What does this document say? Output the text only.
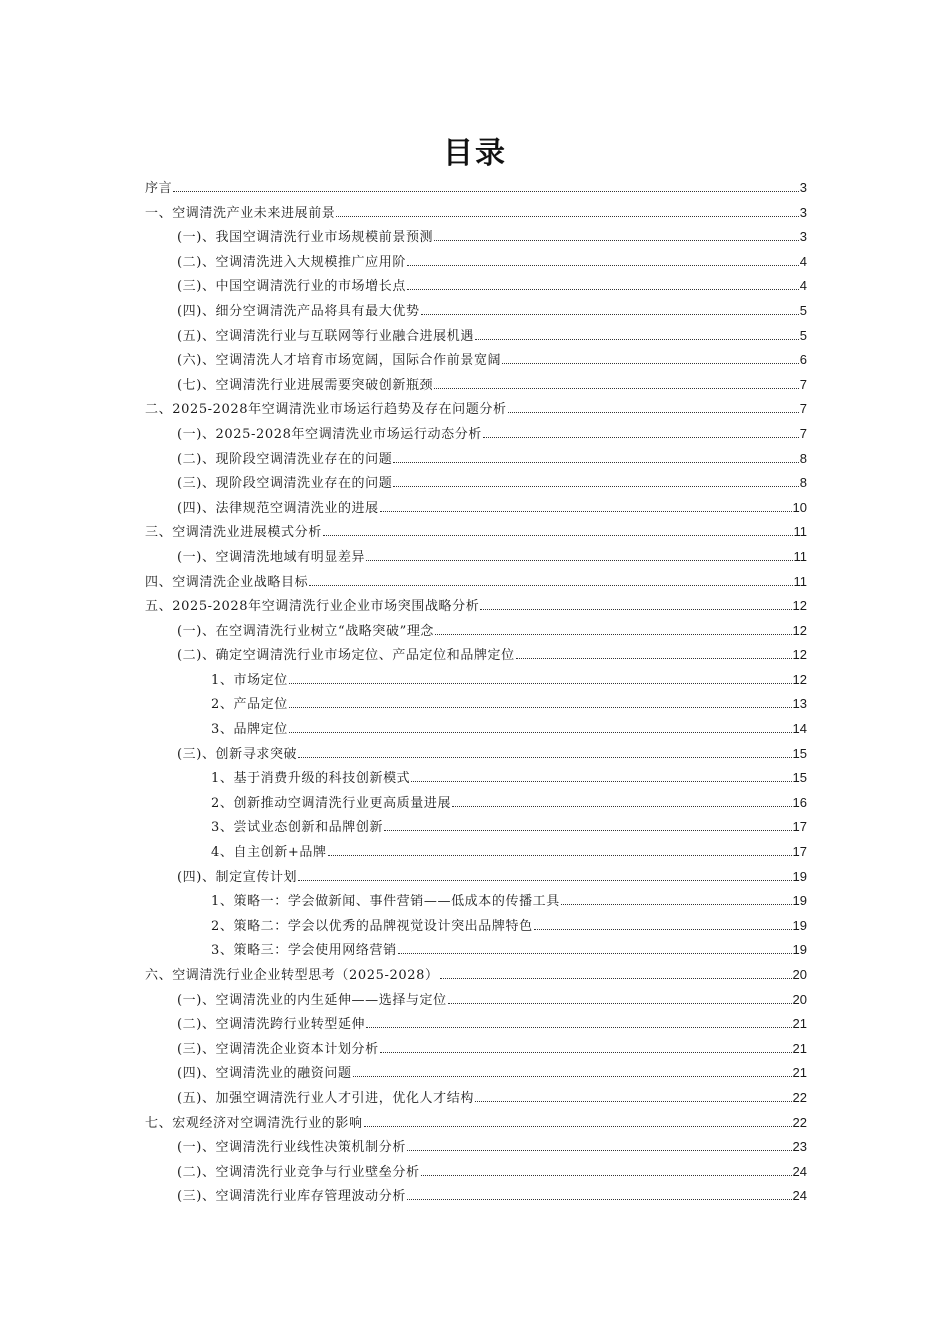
目录
序言	3
一、空调清洗产业未来进展前景	3
(一)、我国空调清洗行业市场规模前景预测	3
(二)、空调清洗进入大规模推广应用阶	4
(三)、中国空调清洗行业的市场增长点	4
(四)、细分空调清洗产品将具有最大优势	5
(五)、空调清洗行业与互联网等行业融合进展机遇	5
(六)、空调清洗人才培育市场宽阔，国际合作前景宽阔	6
(七)、空调清洗行业进展需要突破创新瓶颈	7
二、2025-2028年空调清洗业市场运行趋势及存在问题分析	7
(一)、2025-2028年空调清洗业市场运行动态分析	7
(二)、现阶段空调清洗业存在的问题	8
(三)、现阶段空调清洗业存在的问题	8
(四)、法律规范空调清洗业的进展	10
三、空调清洗业进展模式分析	11
(一)、空调清洗地域有明显差异	11
四、空调清洗企业战略目标	11
五、2025-2028年空调清洗行业企业市场突围战略分析	12
(一)、在空调清洗行业树立“战略突破”理念	12
(二)、确定空调清洗行业市场定位、产品定位和品牌定位	12
1、市场定位	12
2、产品定位	13
3、品牌定位	14
(三)、创新寻求突破	15
1、基于消费升级的科技创新模式	15
2、创新推动空调清洗行业更高质量进展	16
3、尝试业态创新和品牌创新	17
4、自主创新+品牌	17
(四)、制定宣传计划	19
1、策略一：学会做新闻、事件营销——低成本的传播工具	19
2、策略二：学会以优秀的品牌视觉设计突出品牌特色	19
3、策略三：学会使用网络营销	19
六、空调清洗行业企业转型思考（2025-2028）	20
(一)、空调清洗业的内生延伸——选择与定位	20
(二)、空调清洗跨行业转型延伸	21
(三)、空调清洗企业资本计划分析	21
(四)、空调清洗业的融资问题	21
(五)、加强空调清洗行业人才引进，优化人才结构	22
七、宏观经济对空调清洗行业的影响	22
(一)、空调清洗行业线性决策机制分析	23
(二)、空调清洗行业竞争与行业壁垒分析	24
(三)、空调清洗行业库存管理波动分析	24
